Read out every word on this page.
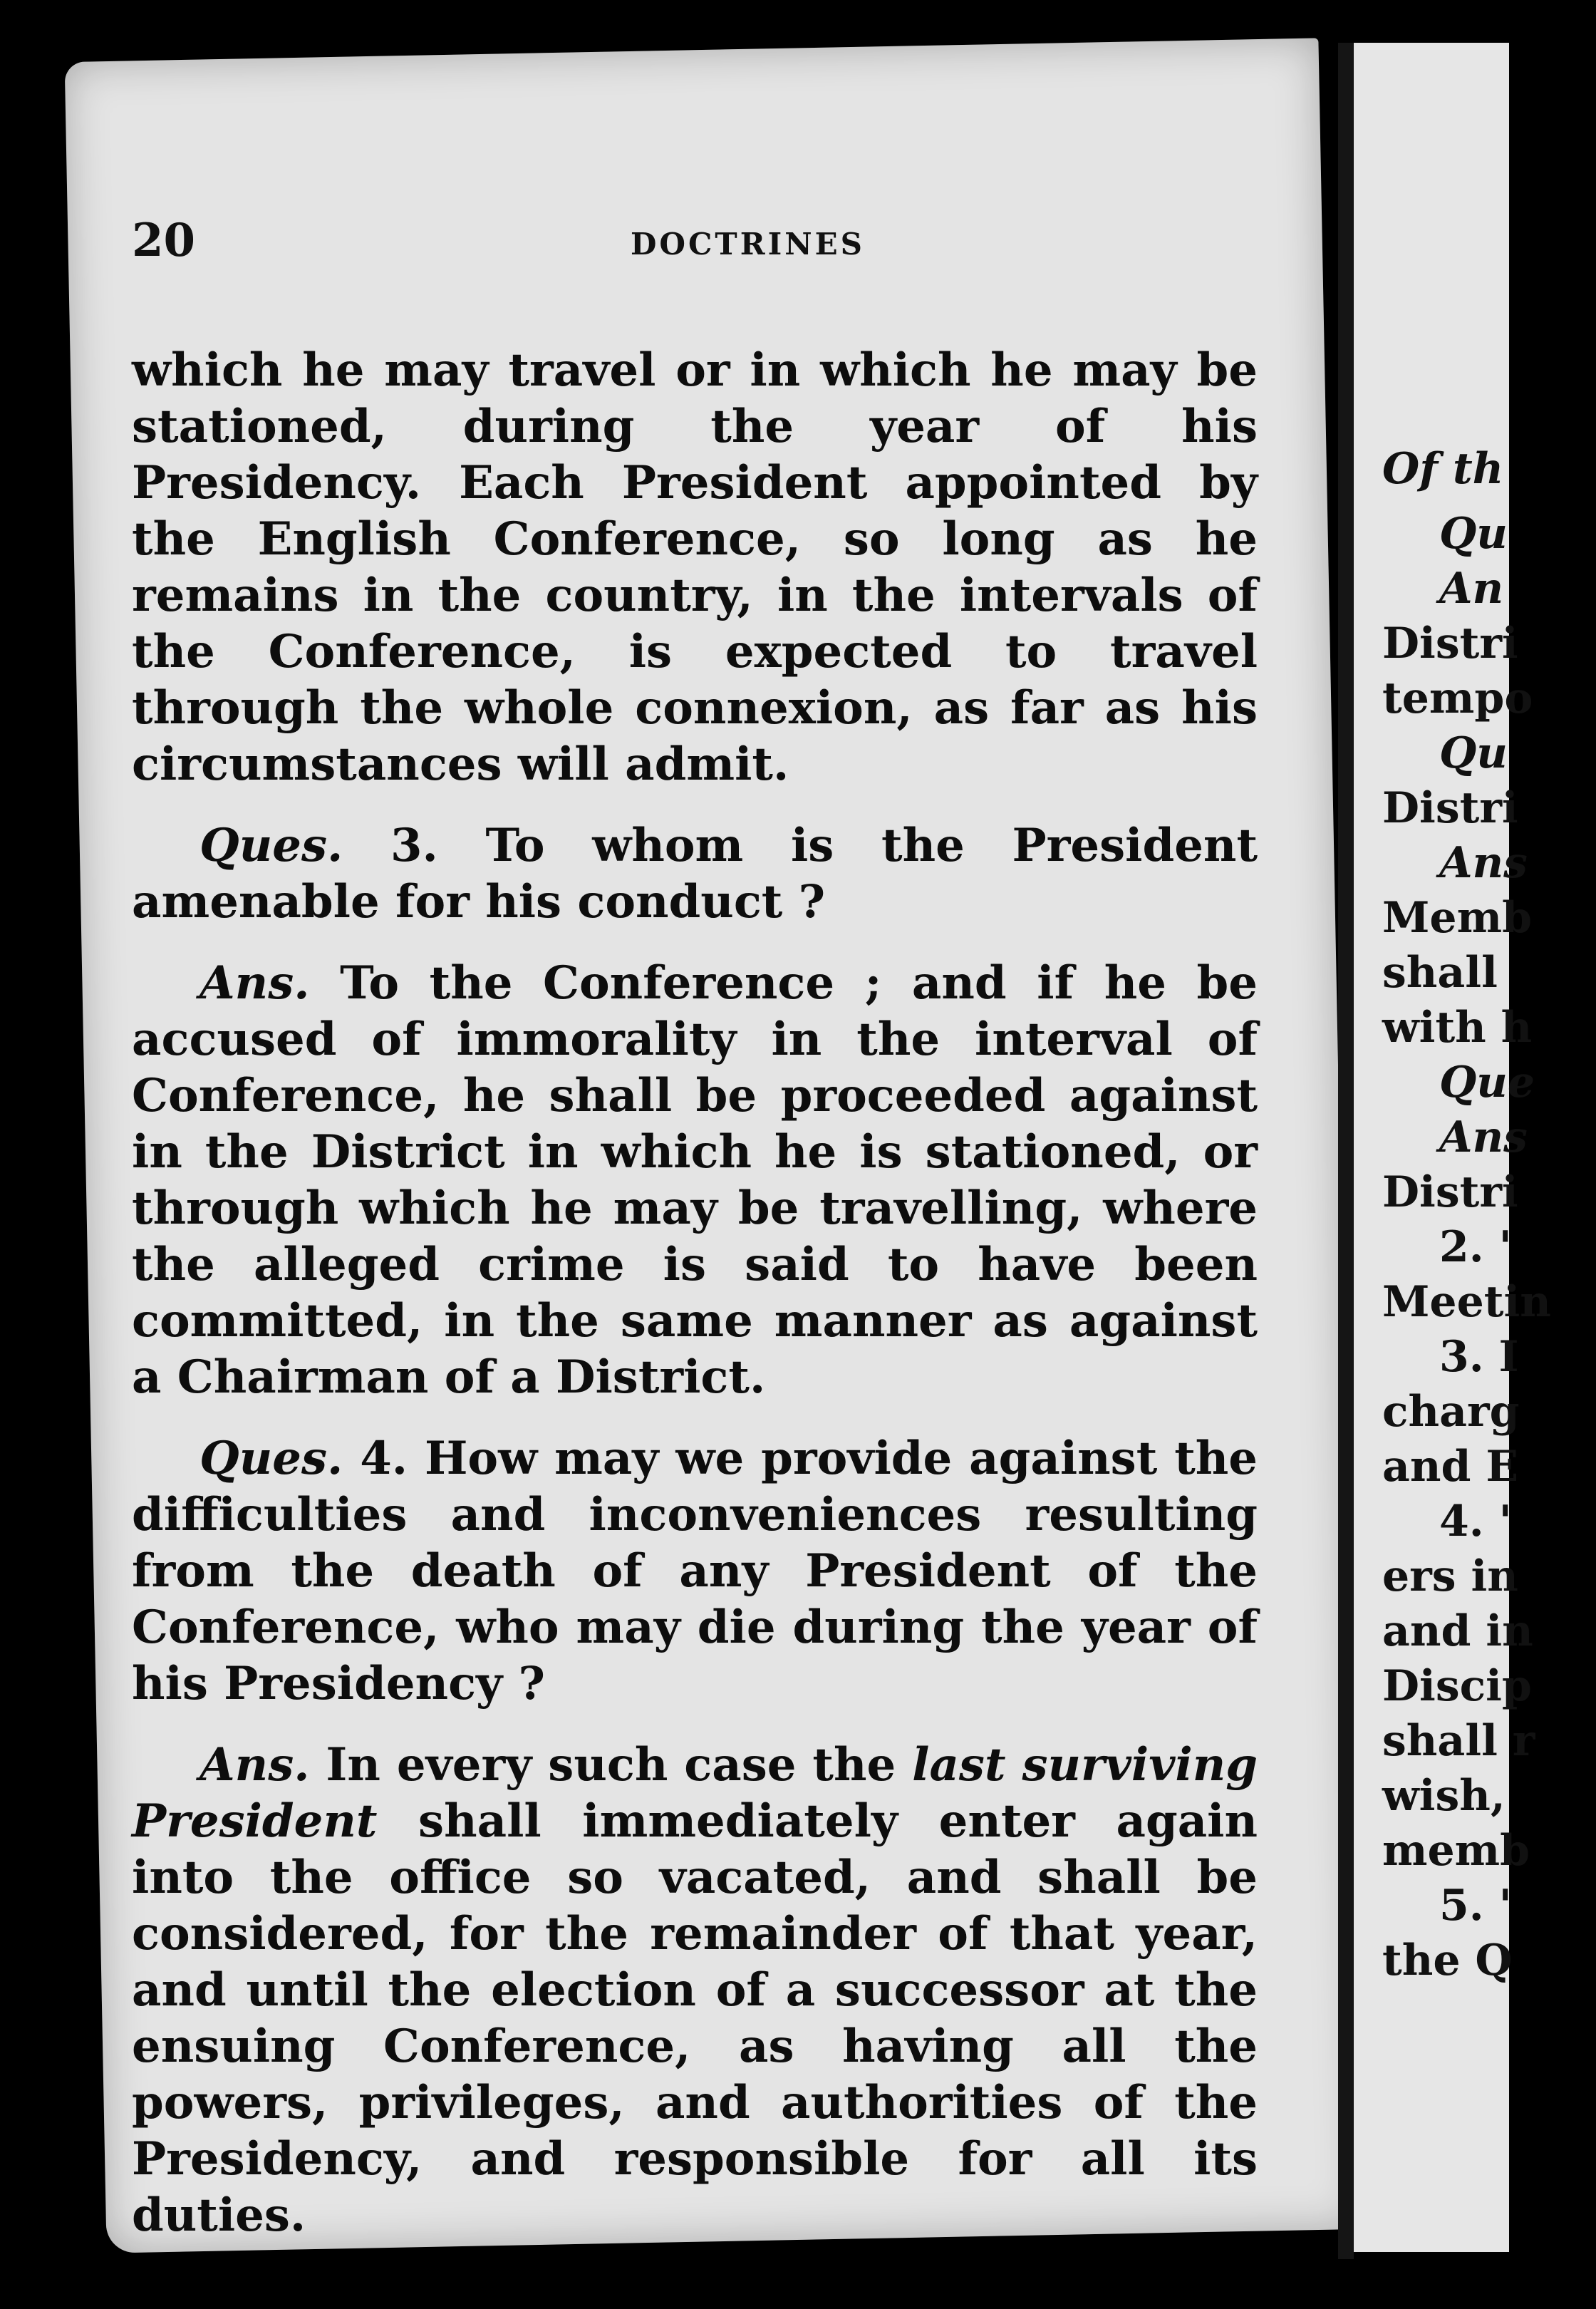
Of th
Qu
An
Distri
tempo
Qu
Distri
Ans
Memb
shall
with h
Que
Ans
Distri
2. '
Meetin
3. I
charg
and E
4. '
ers in
and in
Discip
shall r
wish,
memb
5. '
the Q
20	DOCTRINES

which he may travel or in which he may be stationed, during the year of his Presidency. Each President appointed by the English Conference, so long as he remains in the country, in the intervals of the Conference, is expected to travel through the whole connexion, as far as his circumstances will admit.

Ques. 3. To whom is the President amenable for his conduct ?

Ans. To the Conference ; and if he be accused of immorality in the interval of Conference, he shall be proceeded against in the District in which he is stationed, or through which he may be travelling, where the alleged crime is said to have been committed, in the same manner as against a Chairman of a District.

Ques. 4. How may we provide against the difficulties and inconveniences resulting from the death of any President of the Conference, who may die during the year of his Presidency ?

Ans. In every such case the last surviving President shall immediately enter again into the office so vacated, and shall be considered, for the remainder of that year, and until the election of a successor at the ensuing Conference, as having all the powers, privileges, and authorities of the Presidency, and responsible for all its duties.
